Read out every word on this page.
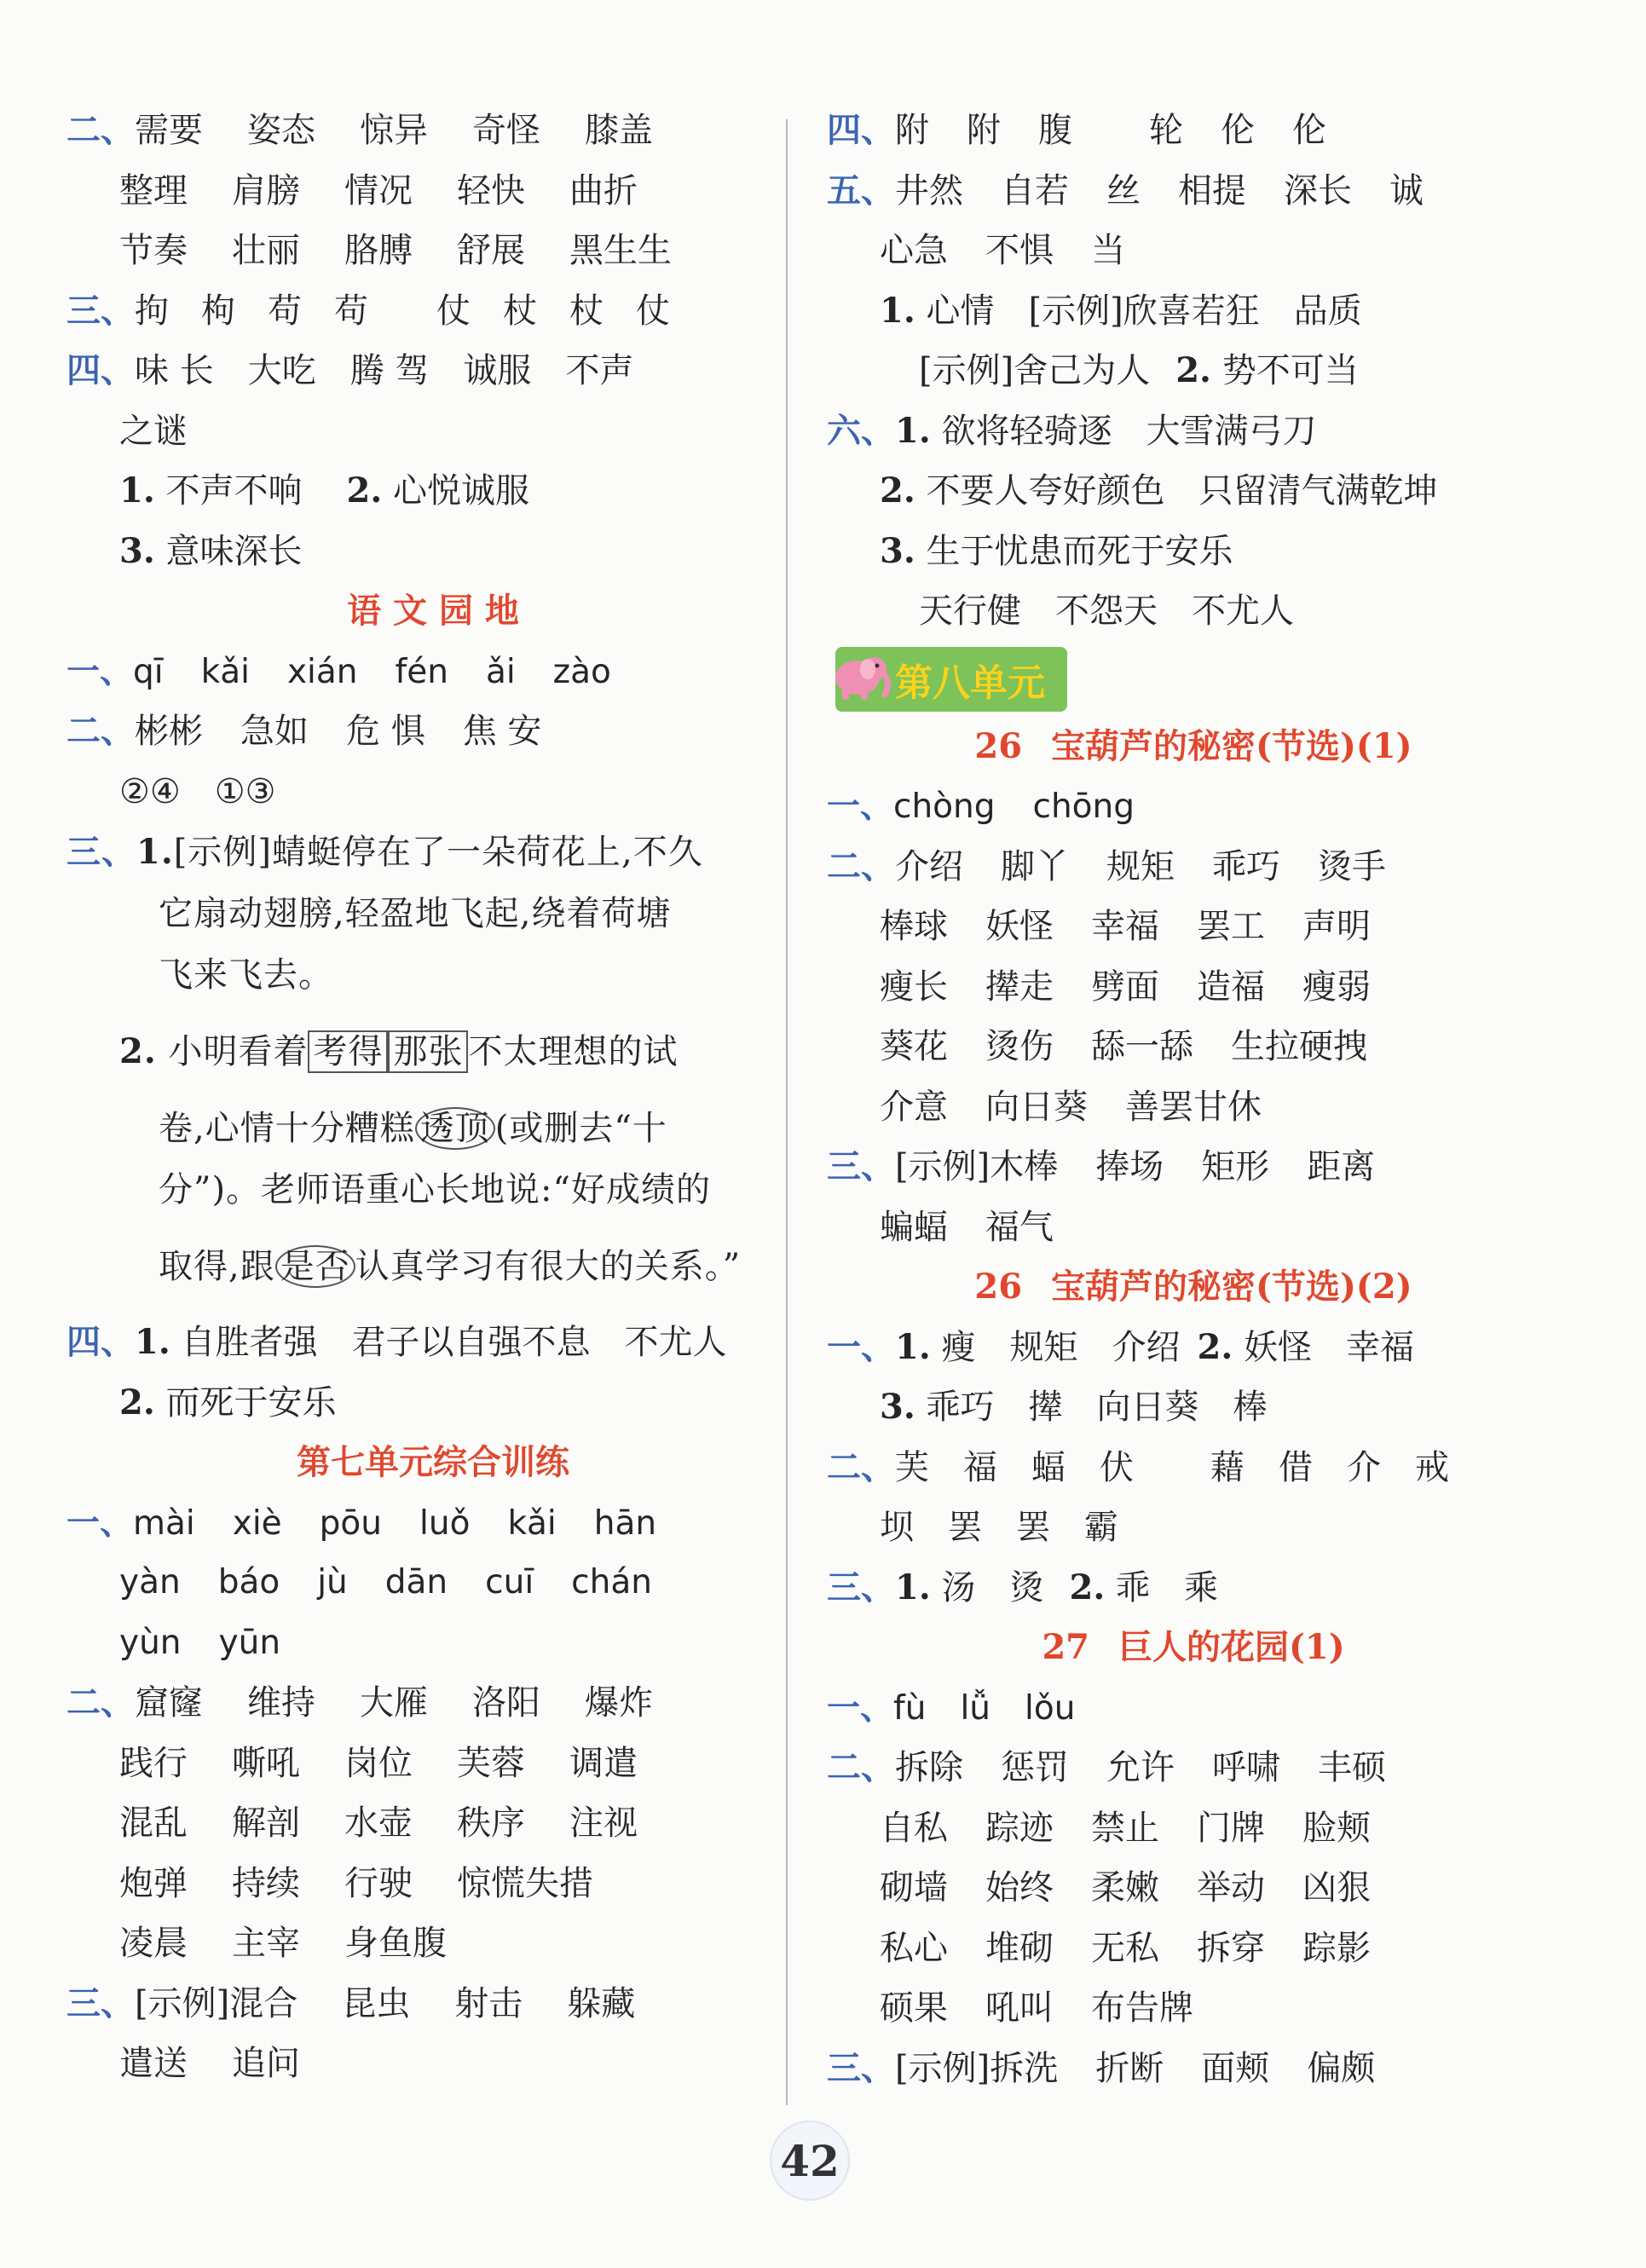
二、需要 姿态 惊异 奇怪 膝盖
整理 肩膀 情况 轻快 曲折
节奏 壮丽 胳膊 舒展 黑生生
三、拘 枸 苟 苟 仗 杖 杖 仗
四、味 长 大吃 腾 驾 诚服 不声
之谜
1. 不声不响 2. 心悦诚服
3. 意味深长
语 文 园 地
一、qī kǎi xián fén ǎi zào
二、彬彬 急如 危 惧 焦 安
②④ ①③
三、1.[示例]蜻蜓停在了一朵荷花上,不久
它扇动翅膀,轻盈地飞起,绕着荷塘
飞来飞去。
2. 小明看着 考得 那张 不太理想的试
卷,心情十分糟糕 透顶 (或删去“十
分”)。老师语重心长地说:“好成绩的
取得,跟 是否 认真学习有很大的关系。”
四、1. 自胜者强 君子以自强不息 不尤人
2. 而死于安乐
第七单元综合训练
一、mài xiè pōu luǒ kǎi hān
yàn báo jù dān cuī chán
yùn yūn
二、窟窿 维持 大雁 洛阳 爆炸
践行 嘶吼 岗位 芙蓉 调遣
混乱 解剖 水壶 秩序 注视
炮弹 持续 行驶 惊慌失措
凌晨 主宰 身鱼腹
三、[示例]混合 昆虫 射击 躲藏
遣送 追问
四、附 附 腹 轮 伦 伦
五、井然 自若 丝 相提 深长 诚
心急 不惧 当
1. 心情 [示例]欣喜若狂 品质
[示例]舍己为人 2. 势不可当
六、1. 欲将轻骑逐 大雪满弓刀
2. 不要人夸好颜色 只留清气满乾坤
3. 生于忧患而死于安乐
天行健 不怨天 不尤人
第八单元
26 宝葫芦的秘密(节选)(1)
一、chòng chōng
二、介绍 脚丫 规矩 乖巧 烫手
棒球 妖怪 幸福 罢工 声明
瘦长 撵走 劈面 造福 瘦弱
葵花 烫伤 舔一舔 生拉硬拽
介意 向日葵 善罢甘休
三、[示例]木棒 捧场 矩形 距离
蝙蝠 福气
26 宝葫芦的秘密(节选)(2)
一、1. 瘦 规矩 介绍 2. 妖怪 幸福
3. 乖巧 撵 向日葵 棒
二、芙 福 蝠 伏 藉 借 介 戒
坝 罢 罢 霸
三、1. 汤 烫 2. 乖 乘
27 巨人的花园(1)
一、fù lǚ lǒu
二、拆除 惩罚 允许 呼啸 丰硕
自私 踪迹 禁止 门牌 脸颊
砌墙 始终 柔嫩 举动 凶狠
私心 堆砌 无私 拆穿 踪影
硕果 吼叫 布告牌
三、[示例]拆洗 折断 面颊 偏颇
42
